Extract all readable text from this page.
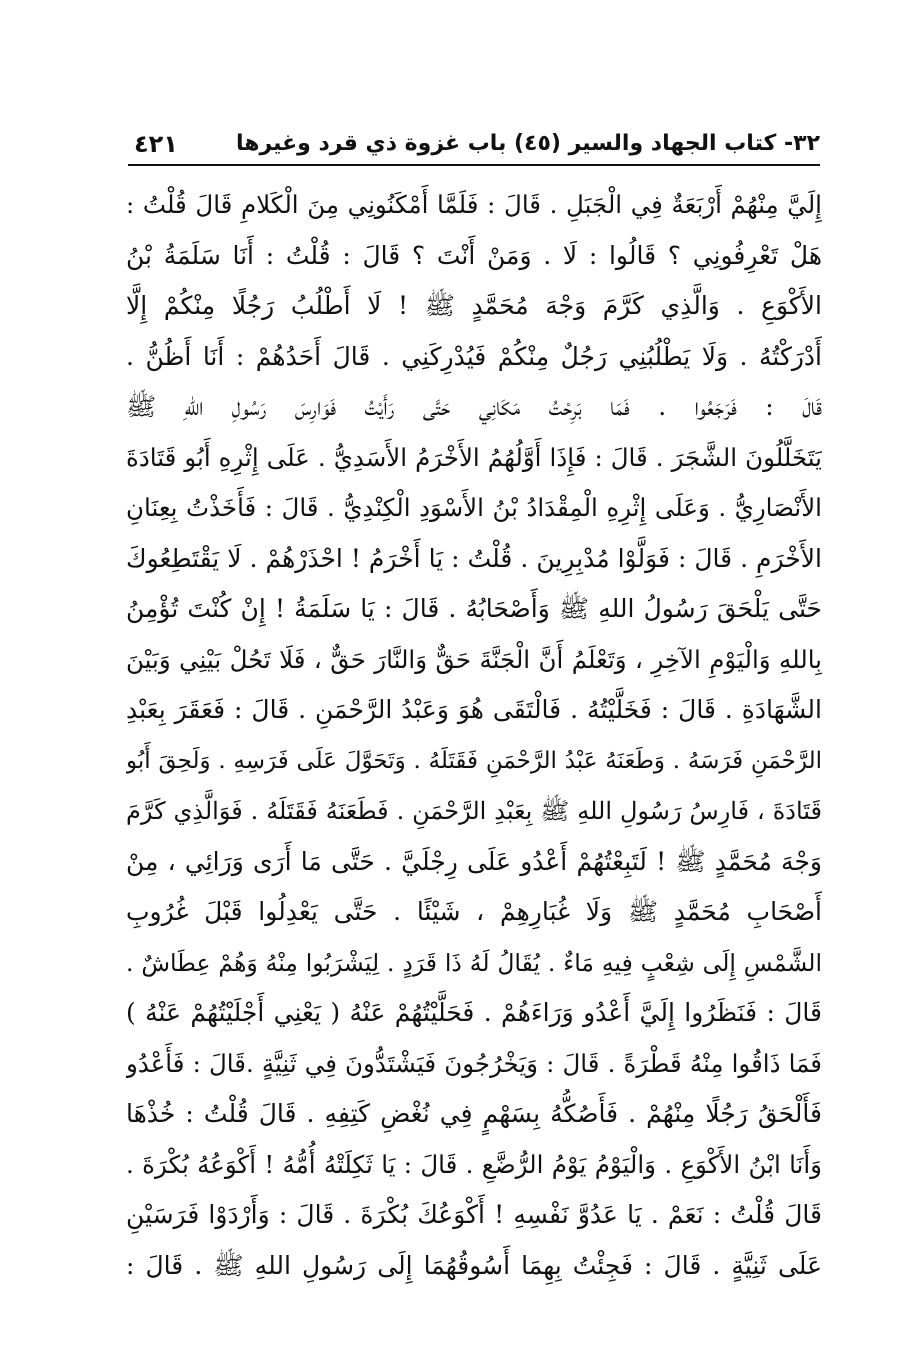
٣٢- كتاب الجهاد والسير (٤٥) باب غزوة ذي قرد وغيرها
٤٢١
إِلَيَّ مِنْهُمْ أَرْبَعَةٌ فِي الْجَبَلِ . قَالَ : فَلَمَّا أَمْكَنُونِي مِنَ الْكَلامِ قَالَ قُلْتُ :
هَلْ تَعْرِفُونِي ؟ قَالُوا : لَا . وَمَنْ أَنْتَ ؟ قَالَ : قُلْتُ : أَنَا سَلَمَةُ بْنُ
الأَكْوَعِ . وَالَّذِي كَرَّمَ وَجْهَ مُحَمَّدٍ ﷺ ! لَا أَطْلُبُ رَجُلًا مِنْكُمْ إِلَّا
أَدْرَكْتُهُ . وَلَا يَطْلُبُنِي رَجُلٌ مِنْكُمْ فَيُدْرِكَنِي . قَالَ أَحَدُهُمْ : أَنَا أَظُنُّ .
قَالَ : فَرَجَعُوا . فَمَا بَرِحْتُ مَكَانِي حَتَّى رَأَيْتُ فَوَارِسَ رَسُولِ اللهِ ﷺ
يَتَخَلَّلُونَ الشَّجَرَ . قَالَ : فَإِذَا أَوَّلُهُمُ الأَخْرَمُ الأَسَدِيُّ . عَلَى إِثْرِهِ أَبُو قَتَادَةَ
الأَنْصَارِيُّ . وَعَلَى إِثْرِهِ الْمِقْدَادُ بْنُ الأَسْوَدِ الْكِنْدِيُّ . قَالَ : فَأَخَذْتُ بِعِنَانِ
الأَخْرَمِ . قَالَ : فَوَلَّوْا مُدْبِرِينَ . قُلْتُ : يَا أَخْرَمُ ! احْذَرْهُمْ . لَا يَقْتَطِعُوكَ
حَتَّى يَلْحَقَ رَسُولُ اللهِ ﷺ وَأَصْحَابُهُ . قَالَ : يَا سَلَمَةُ ! إِنْ كُنْتَ تُؤْمِنُ
بِاللهِ وَالْيَوْمِ الآخِرِ ، وَتَعْلَمُ أَنَّ الْجَنَّةَ حَقٌّ وَالنَّارَ حَقٌّ ، فَلَا تَحُلْ بَيْنِي وَبَيْنَ
الشَّهَادَةِ . قَالَ : فَخَلَّيْتُهُ . فَالْتَقَى هُوَ وَعَبْدُ الرَّحْمَنِ . قَالَ : فَعَقَرَ بِعَبْدِ
الرَّحْمَنِ فَرَسَهُ . وَطَعَنَهُ عَبْدُ الرَّحْمَنِ فَقَتَلَهُ . وَتَحَوَّلَ عَلَى فَرَسِهِ . وَلَحِقَ أَبُو
قَتَادَةَ ، فَارِسُ رَسُولِ اللهِ ﷺ بِعَبْدِ الرَّحْمَنِ . فَطَعَنَهُ فَقَتَلَهُ . فَوَالَّذِي كَرَّمَ
وَجْهَ مُحَمَّدٍ ﷺ ! لَتَبِعْتُهُمْ أَعْدُو عَلَى رِجْلَيَّ . حَتَّى مَا أَرَى وَرَائِي ، مِنْ
أَصْحَابِ مُحَمَّدٍ ﷺ وَلَا غُبَارِهِمْ ، شَيْئًا . حَتَّى يَعْدِلُوا قَبْلَ غُرُوبِ
الشَّمْسِ إِلَى شِعْبٍ فِيهِ مَاءٌ . يُقَالُ لَهُ ذَا قَرَدٍ . لِيَشْرَبُوا مِنْهُ وَهُمْ عِطَاشٌ .
قَالَ : فَنَظَرُوا إِلَيَّ أَعْدُو وَرَاءَهُمْ . فَحَلَّيْتُهُمْ عَنْهُ ( يَعْنِي أَجْلَيْتُهُمْ عَنْهُ )
فَمَا ذَاقُوا مِنْهُ قَطْرَةً . قَالَ : وَيَخْرُجُونَ فَيَشْتَدُّونَ فِي ثَنِيَّةٍ .قَالَ : فَأَعْدُو
فَأَلْحَقُ رَجُلًا مِنْهُمْ . فَأَصُكُّهُ بِسَهْمٍ فِي نُغْضِ كَتِفِهِ . قَالَ قُلْتُ : خُذْهَا
وَأَنَا ابْنُ الأَكْوَعِ . وَالْيَوْمُ يَوْمُ الرُّضَّعِ . قَالَ : يَا ثَكِلَتْهُ أُمُّهُ ! أَكْوَعُهُ بُكْرَةَ .
قَالَ قُلْتُ : نَعَمْ . يَا عَدُوَّ نَفْسِهِ ! أَكْوَعُكَ بُكْرَةَ . قَالَ : وَأَرْدَوْا فَرَسَيْنِ
عَلَى ثَنِيَّةٍ . قَالَ : فَجِئْتُ بِهِمَا أَسُوقُهُمَا إِلَى رَسُولِ اللهِ ﷺ . قَالَ :
